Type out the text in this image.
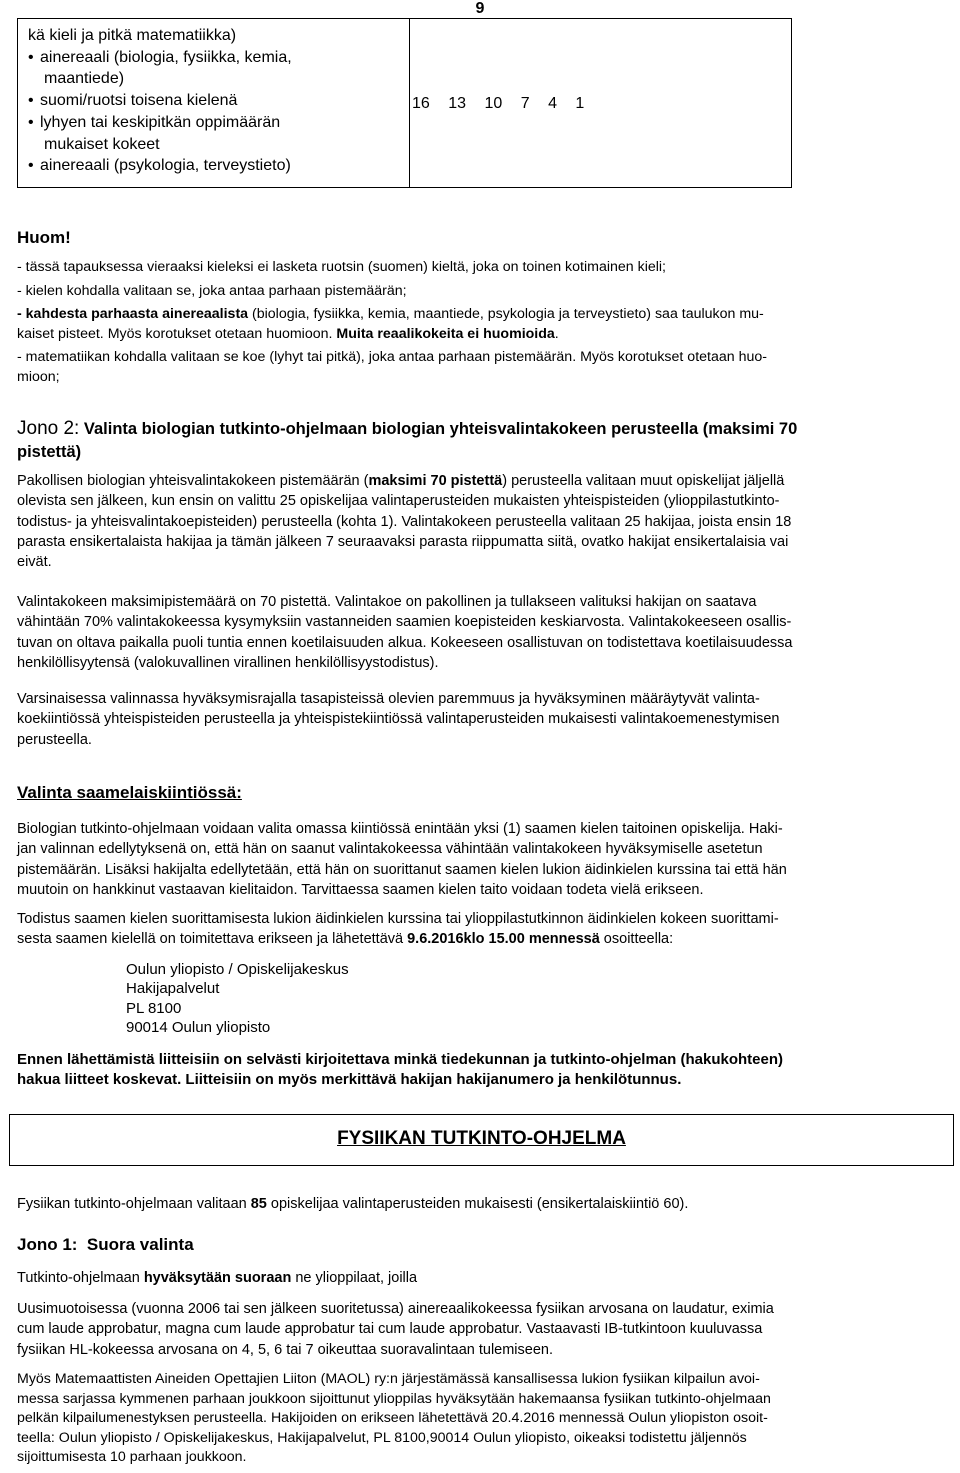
9
kä kieli ja pitkä matematiikka)
• ainereaali (biologia, fysiikka, kemia,
maantiede)
• suomi/ruotsi toisena kielenä
• lyhyen tai keskipitkän oppimäärän
mukaiset kokeet
• ainereaali (psykologia, terveystieto)

16 13 10 7 4 1
Huom!
- tässä tapauksessa vieraaksi kieleksi ei lasketa ruotsin (suomen) kieltä, joka on toinen kotimainen kieli;
- kielen kohdalla valitaan se, joka antaa parhaan pistemäärän;
- kahdesta parhaasta ainereaalista (biologia, fysiikka, kemia, maantiede, psykologia ja terveystieto) saa taulukon mu-
kaiset pisteet. Myös korotukset otetaan huomioon. Muita reaalikokeita ei huomioida.
- matematiikan kohdalla valitaan se koe (lyhyt tai pitkä), joka antaa parhaan pistemäärän. Myös korotukset otetaan huo-
mioon;
Jono 2: Valinta biologian tutkinto-ohjelmaan biologian yhteisvalintakokeen perusteella (maksimi 70
pistettä)
Pakollisen biologian yhteisvalintakokeen pistemäärän (maksimi 70 pistettä) perusteella valitaan muut opiskelijat jäljellä
olevista sen jälkeen, kun ensin on valittu 25 opiskelijaa valintaperusteiden mukaisten yhteispisteiden (ylioppilastutkinto-
todistus- ja yhteisvalintakoepisteiden) perusteella (kohta 1). Valintakokeen perusteella valitaan 25 hakijaa, joista ensin 18
parasta ensikertalaista hakijaa ja tämän jälkeen 7 seuraavaksi parasta riippumatta siitä, ovatko hakijat ensikertalaisia vai
eivät.
Valintakokeen maksimipistemäärä on 70 pistettä. Valintakoe on pakollinen ja tullakseen valituksi hakijan on saatava
vähintään 70% valintakokeessa kysymyksiin vastanneiden saamien koepisteiden keskiarvosta. Valintakokeeseen osallis-
tuvan on oltava paikalla puoli tuntia ennen koetilaisuuden alkua. Kokeeseen osallistuvan on todistettava koetilaisuudessa
henkilöllisyytensä (valokuvallinen virallinen henkilöllisyystodistus).
Varsinaisessa valinnassa hyväksymisrajalla tasapisteissä olevien paremmuus ja hyväksyminen määräytyvät valinta-
koekiintiössä yhteispisteiden perusteella ja yhteispistekiintiössä valintaperusteiden mukaisesti valintakoemenestymisen
perusteella.
Valinta saamelaiskiintiössä:
Biologian tutkinto-ohjelmaan voidaan valita omassa kiintiössä enintään yksi (1) saamen kielen taitoinen opiskelija. Haki-
jan valinnan edellytyksenä on, että hän on saanut valintakokeessa vähintään valintakokeen hyväksymiselle asetetun
pistemäärän. Lisäksi hakijalta edellytetään, että hän on suorittanut saamen kielen lukion äidinkielen kurssina tai että hän
muutoin on hankkinut vastaavan kielitaidon. Tarvittaessa saamen kielen taito voidaan todeta vielä erikseen.
Todistus saamen kielen suorittamisesta lukion äidinkielen kurssina tai ylioppilastutkinnon äidinkielen kokeen suorittami-
sesta saamen kielellä on toimitettava erikseen ja lähetettävä 9.6.2016klo 15.00 mennessä osoitteella:
Oulun yliopisto / Opiskelijakeskus
Hakijapalvelut
PL 8100
90014 Oulun yliopisto
Ennen lähettämistä liitteisiin on selvästi kirjoitettava minkä tiedekunnan ja tutkinto-ohjelman (hakukohteen)
hakua liitteet koskevat. Liitteisiin on myös merkittävä hakijan hakijanumero ja henkilötunnus.
FYSIIKAN TUTKINTO-OHJELMA
Fysiikan tutkinto-ohjelmaan valitaan 85 opiskelijaa valintaperusteiden mukaisesti (ensikertalaiskiintiö 60).
Jono 1:  Suora valinta
Tutkinto-ohjelmaan hyväksytään suoraan ne ylioppilaat, joilla
Uusimuotoisessa (vuonna 2006 tai sen jälkeen suoritetussa) ainereaalikokeessa fysiikan arvosana on laudatur, eximia
cum laude approbatur, magna cum laude approbatur tai cum laude approbatur. Vastaavasti IB-tutkintoon kuuluvassa
fysiikan HL-kokeessa arvosana on 4, 5, 6 tai 7 oikeuttaa suoravalintaan tulemiseen.
Myös Matemaattisten Aineiden Opettajien Liiton (MAOL) ry:n järjestämässä kansallisessa lukion fysiikan kilpailun avoi-
messa sarjassa kymmenen parhaan joukkoon sijoittunut ylioppilas hyväksytään hakemaansa fysiikan tutkinto-ohjelmaan
pelkän kilpailumenestyksen perusteella. Hakijoiden on erikseen lähetettävä 20.4.2016 mennessä Oulun yliopiston osoit-
teella: Oulun yliopisto / Opiskelijakeskus, Hakijapalvelut, PL 8100,90014 Oulun yliopisto, oikeaksi todistettu jäljennös
sijoittumisesta 10 parhaan joukkoon.
